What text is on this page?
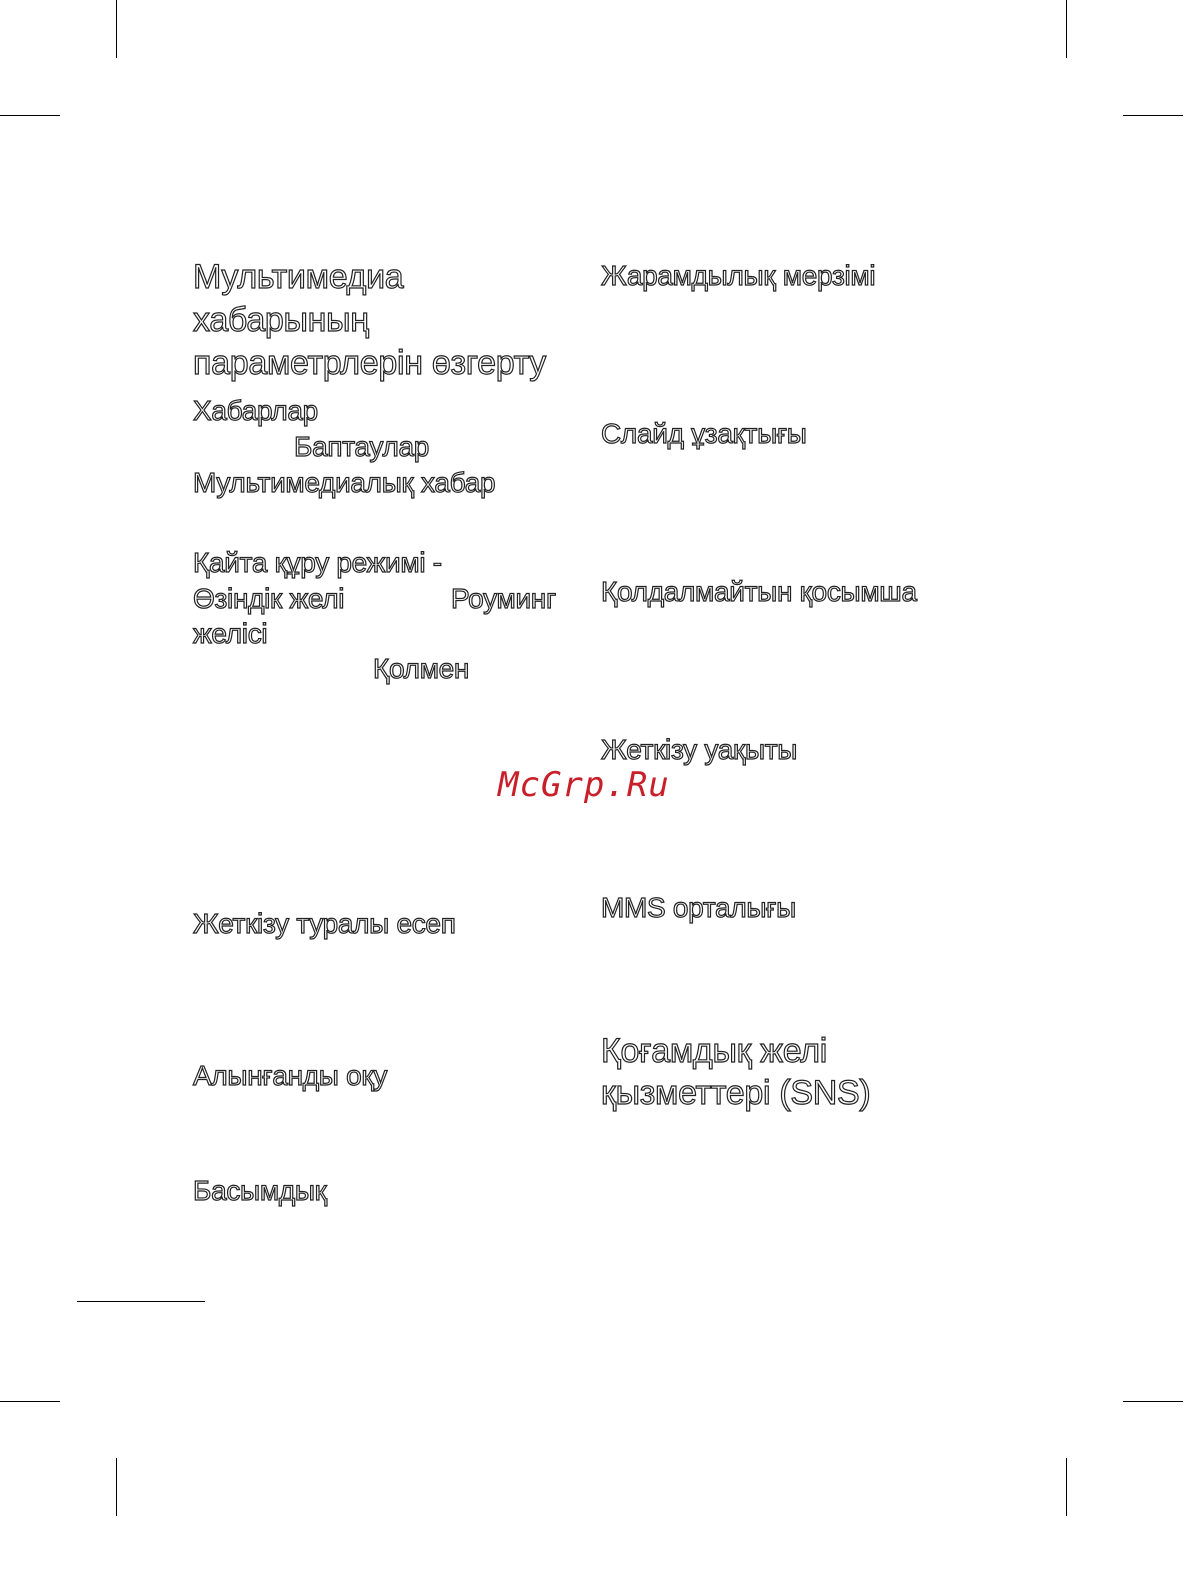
Мультимедиа
хабарының
параметрлерін өзгерту
Хабарлар
Баптаулар
Мультимедиалық хабар
Қайта құру режимі -
Өзіндік желі	Роуминг
желісі
Қолмен
Жеткізу туралы есеп
Алынғанды оқу
Басымдық
Жарамдылық мерзімі
Слайд ұзақтығы
Қолдалмайтын қосымша
Жеткізу уақыты
MMS орталығы
Қоғамдық желі
қызметтері (SNS)
McGrp.Ru
